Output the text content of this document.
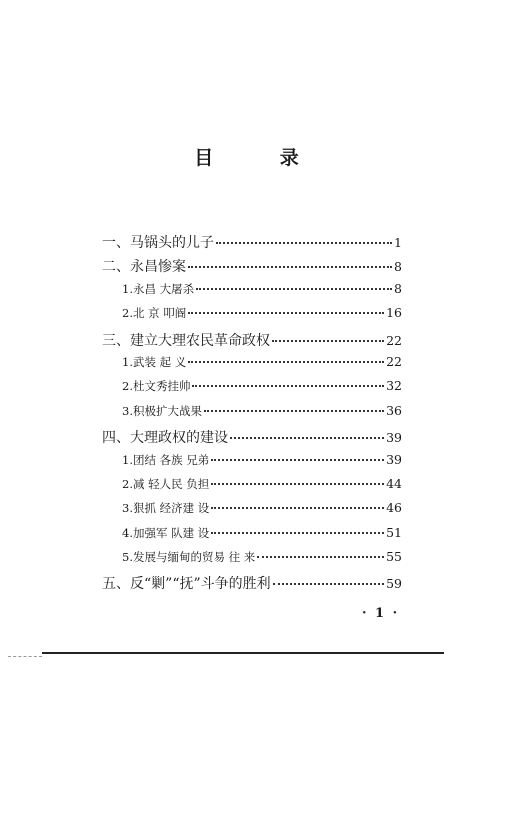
目 录
一、马锅头的儿子	1
二、永昌惨案	8
1.永昌 大屠杀	8
2.北 京 叩阍	16
三、建立大理农民革命政权	22
1.武装 起 义	22
2.杜文秀挂帅	32
3.积极扩大战果	36
四、大理政权的建设	39
1.团结 各族 兄弟	39
2.减 轻人民 负担	44
3.狠抓 经济建 设	46
4.加强军 队建 设	51
5.发展与缅甸的贸易 往 来	55
五、反“剿”“抚”斗争的胜利	59
· 1 ·
